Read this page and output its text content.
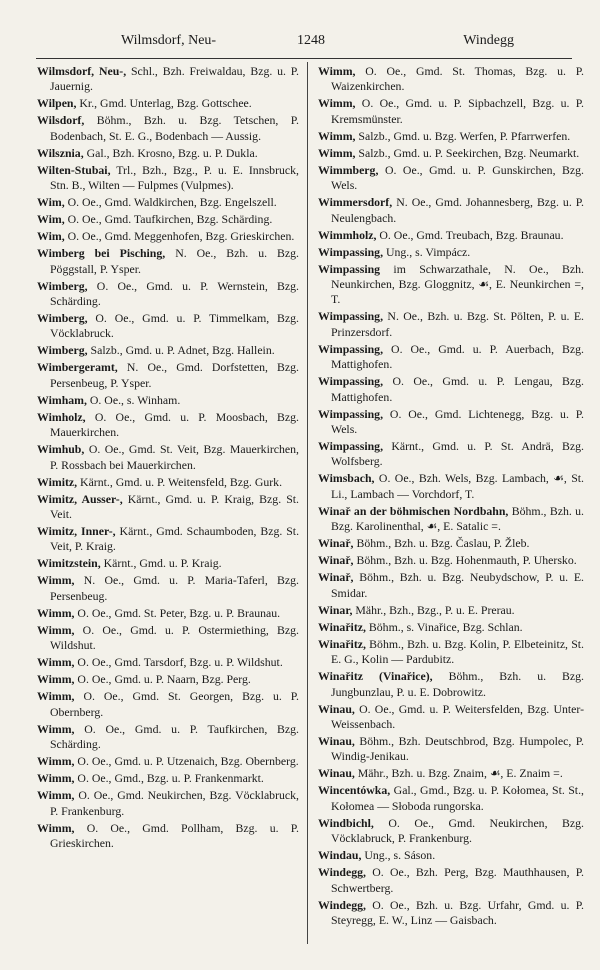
Wilmsdorf, Neu-	1248	Windegg

Wilmsdorf, Neu-, Schl., Bzh. Freiwaldau, Bzg. u. P. Jauernig.

Wilpen, Kr., Gmd. Unterlag, Bzg. Gottschee.

Wilsdorf, Böhm., Bzh. u. Bzg. Tetschen, P. Bodenbach, St. E. G., Bodenbach — Aussig.

Wilsznia, Gal., Bzh. Krosno, Bzg. u. P. Dukla.

Wilten-Stubai, Trl., Bzh., Bzg., P. u. E. Innsbruck, Stn. B., Wilten — Fulpmes (Vulpmes).

Wim, O. Oe., Gmd. Waldkirchen, Bzg. Engelszell.

Wim, O. Oe., Gmd. Taufkirchen, Bzg. Schärding.

Wim, O. Oe., Gmd. Meggenhofen, Bzg. Grieskirchen.

Wimberg bei Pisching, N. Oe., Bzh. u. Bzg. Pöggstall, P. Ysper.

Wimberg, O. Oe., Gmd. u. P. Wernstein, Bzg. Schärding.

Wimberg, O. Oe., Gmd. u. P. Timmelkam, Bzg. Vöcklabruck.

Wimberg, Salzb., Gmd. u. P. Adnet, Bzg. Hallein.

Wimbergeramt, N. Oe., Gmd. Dorfstetten, Bzg. Persenbeug, P. Ysper.

Wimham, O. Oe., s. Winham.

Wimholz, O. Oe., Gmd. u. P. Moosbach, Bzg. Mauerkirchen.

Wimhub, O. Oe., Gmd. St. Veit, Bzg. Mauerkirchen, P. Rossbach bei Mauerkirchen.

Wimitz, Kärnt., Gmd. u. P. Weitensfeld, Bzg. Gurk.

Wimitz, Ausser-, Kärnt., Gmd. u. P. Kraig, Bzg. St. Veit.

Wimitz, Inner-, Kärnt., Gmd. Schaumboden, Bzg. St. Veit, P. Kraig.

Wimitzstein, Kärnt., Gmd. u. P. Kraig.

Wimm, N. Oe., Gmd. u. P. Maria-Taferl, Bzg. Persenbeug.

Wimm, O. Oe., Gmd. St. Peter, Bzg. u. P. Braunau.

Wimm, O. Oe., Gmd. u. P. Ostermiething, Bzg. Wildshut.

Wimm, O. Oe., Gmd. Tarsdorf, Bzg. u. P. Wildshut.

Wimm, O. Oe., Gmd. u. P. Naarn, Bzg. Perg.

Wimm, O. Oe., Gmd. St. Georgen, Bzg. u. P. Obernberg.

Wimm, O. Oe., Gmd. u. P. Taufkirchen, Bzg. Schärding.

Wimm, O. Oe., Gmd. u. P. Utzenaich, Bzg. Obernberg.

Wimm, O. Oe., Gmd., Bzg. u. P. Frankenmarkt.

Wimm, O. Oe., Gmd. Neukirchen, Bzg. Vöcklabruck, P. Frankenburg.

Wimm, O. Oe., Gmd. Pollham, Bzg. u. P. Grieskirchen.

Wimm, O. Oe., Gmd. St. Thomas, Bzg. u. P. Waizenkirchen.

Wimm, O. Oe., Gmd. u. P. Sipbachzell, Bzg. u. P. Kremsmünster.

Wimm, Salzb., Gmd. u. Bzg. Werfen, P. Pfarrwerfen.

Wimm, Salzb., Gmd. u. P. Seekirchen, Bzg. Neumarkt.

Wimmberg, O. Oe., Gmd. u. P. Gunskirchen, Bzg. Wels.

Wimmersdorf, N. Oe., Gmd. Johannesberg, Bzg. u. P. Neulengbach.

Wimmholz, O. Oe., Gmd. Treubach, Bzg. Braunau.

Wimpassing, Ung., s. Vimpácz.

Wimpassing im Schwarzathale, N. Oe., Bzh. Neunkirchen, Bzg. Gloggnitz, ☙, E. Neunkirchen =, T.

Wimpassing, N. Oe., Bzh. u. Bzg. St. Pölten, P. u. E. Prinzersdorf.

Wimpassing, O. Oe., Gmd. u. P. Auerbach, Bzg. Mattighofen.

Wimpassing, O. Oe., Gmd. u. P. Lengau, Bzg. Mattighofen.

Wimpassing, O. Oe., Gmd. Lichtenegg, Bzg. u. P. Wels.

Wimpassing, Kärnt., Gmd. u. P. St. Andrä, Bzg. Wolfsberg.

Wimsbach, O. Oe., Bzh. Wels, Bzg. Lambach, ☙, St. Li., Lambach — Vorchdorf, T.

Winař an der böhmischen Nordbahn, Böhm., Bzh. u. Bzg. Karolinenthal, ☙, E. Satalic =.

Winař, Böhm., Bzh. u. Bzg. Časlau, P. Žleb.

Winař, Böhm., Bzh. u. Bzg. Hohenmauth, P. Uhersko.

Winař, Böhm., Bzh. u. Bzg. Neubydschow, P. u. E. Smidar.

Winar, Mähr., Bzh., Bzg., P. u. E. Prerau.

Winařitz, Böhm., s. Vinařice, Bzg. Schlan.

Winařitz, Böhm., Bzh. u. Bzg. Kolin, P. Elbeteinitz, St. E. G., Kolin — Pardubitz.

Winařitz (Vinařice), Böhm., Bzh. u. Bzg. Jungbunzlau, P. u. E. Dobrowitz.

Winau, O. Oe., Gmd. u. P. Weitersfelden, Bzg. Unter-Weissenbach.

Winau, Böhm., Bzh. Deutschbrod, Bzg. Humpolec, P. Windig-Jenikau.

Winau, Mähr., Bzh. u. Bzg. Znaim, ☙, E. Znaim =.

Wincentówka, Gal., Gmd., Bzg. u. P. Kołomea, St. St., Kołomea — Słoboda rungorska.

Windbichl, O. Oe., Gmd. Neukirchen, Bzg. Vöcklabruck, P. Frankenburg.

Windau, Ung., s. Sáson.

Windegg, O. Oe., Bzh. Perg, Bzg. Mauthhausen, P. Schwertberg.

Windegg, O. Oe., Bzh. u. Bzg. Urfahr, Gmd. u. P. Steyregg, E. W., Linz — Gaisbach.
